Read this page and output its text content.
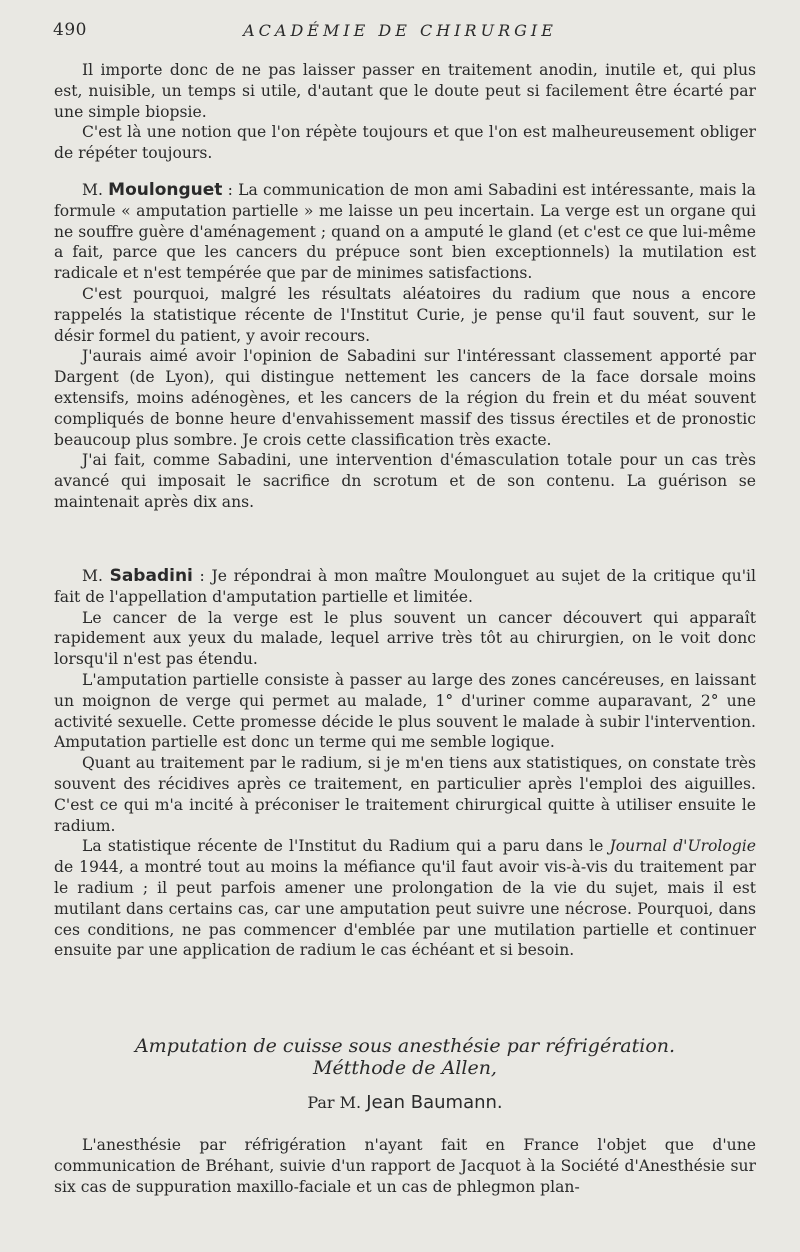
490	ACADÉMIE DE CHIRURGIE

Il importe donc de ne pas laisser passer en traitement anodin, inutile et, qui plus est, nuisible, un temps si utile, d'autant que le doute peut si facilement être écarté par une simple biopsie.

C'est là une notion que l'on répète toujours et que l'on est malheureusement obliger de répéter toujours.

M. Moulonguet : La communication de mon ami Sabadini est intéressante, mais la formule « amputation partielle » me laisse un peu incertain. La verge est un organe qui ne souffre guère d'aménagement ; quand on a amputé le gland (et c'est ce que lui-même a fait, parce que les cancers du prépuce sont bien exceptionnels) la mutilation est radicale et n'est tempérée que par de minimes satisfactions.

C'est pourquoi, malgré les résultats aléatoires du radium que nous a encore rappelés la statistique récente de l'Institut Curie, je pense qu'il faut souvent, sur le désir formel du patient, y avoir recours.

J'aurais aimé avoir l'opinion de Sabadini sur l'intéressant classement apporté par Dargent (de Lyon), qui distingue nettement les cancers de la face dorsale moins extensifs, moins adénogènes, et les cancers de la région du frein et du méat souvent compliqués de bonne heure d'envahissement massif des tissus érectiles et de pronostic beaucoup plus sombre. Je crois cette classification très exacte.

J'ai fait, comme Sabadini, une intervention d'émasculation totale pour un cas très avancé qui imposait le sacrifice dn scrotum et de son contenu. La guérison se maintenait après dix ans.

M. Sabadini : Je répondrai à mon maître Moulonguet au sujet de la critique qu'il fait de l'appellation d'amputation partielle et limitée.

Le cancer de la verge est le plus souvent un cancer découvert qui apparaît rapidement aux yeux du malade, lequel arrive très tôt au chirurgien, on le voit donc lorsqu'il n'est pas étendu.

L'amputation partielle consiste à passer au large des zones cancéreuses, en laissant un moignon de verge qui permet au malade, 1° d'uriner comme auparavant, 2° une activité sexuelle. Cette promesse décide le plus souvent le malade à subir l'intervention. Amputation partielle est donc un terme qui me semble logique.

Quant au traitement par le radium, si je m'en tiens aux statistiques, on constate très souvent des récidives après ce traitement, en particulier après l'emploi des aiguilles. C'est ce qui m'a incité à préconiser le traitement chirurgical quitte à utiliser ensuite le radium.

La statistique récente de l'Institut du Radium qui a paru dans le Journal d'Urologie de 1944, a montré tout au moins la méfiance qu'il faut avoir vis-à-vis du traitement par le radium ; il peut parfois amener une prolongation de la vie du sujet, mais il est mutilant dans certains cas, car une amputation peut suivre une nécrose. Pourquoi, dans ces conditions, ne pas commencer d'emblée par une mutilation partielle et continuer ensuite par une application de radium le cas échéant et si besoin.

Amputation de cuisse sous anesthésie par réfrigération.
Métthode de Allen,
Par M. Jean Baumann.

L'anesthésie par réfrigération n'ayant fait en France l'objet que d'une communication de Bréhant, suivie d'un rapport de Jacquot à la Société d'Anesthésie sur six cas de suppuration maxillo-faciale et un cas de phlegmon plan-
